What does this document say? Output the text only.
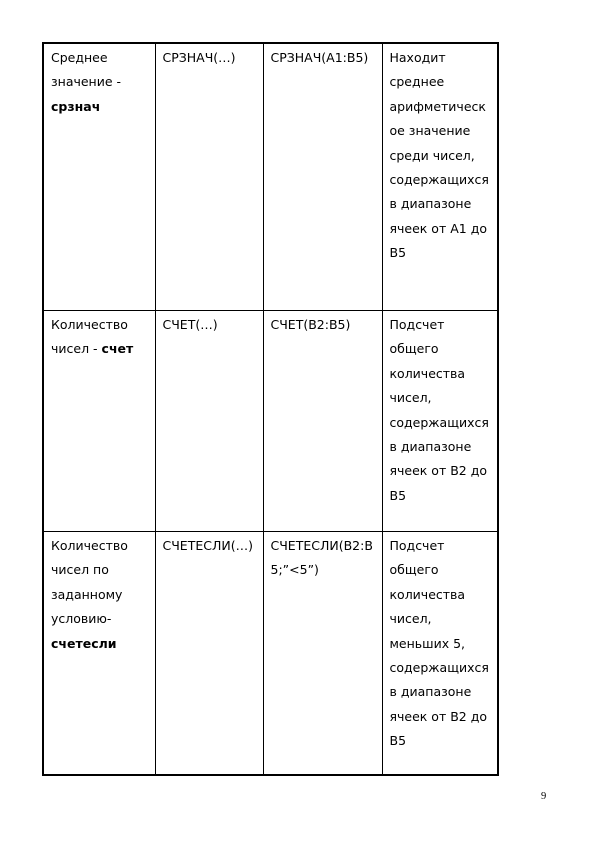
Среднее значение - срзнач	СРЗНАЧ(…)	СРЗНАЧ(А1:В5)	Находит среднее арифметическое значение среди чисел, содержащихся в диапазоне ячеек от А1 до В5
Количество чисел - счет	СЧЕТ(…)	СЧЕТ(В2:В5)	Подсчет общего количества чисел, содержащихся в диапазоне ячеек от В2 до В5
Количество чисел по заданному условию-счетесли	СЧЕТЕСЛИ(…)	СЧЕТЕСЛИ(В2:В5;”<5”)	Подсчет общего количества чисел, меньших 5, содержащихся в диапазоне ячеек от В2 до В5
9
